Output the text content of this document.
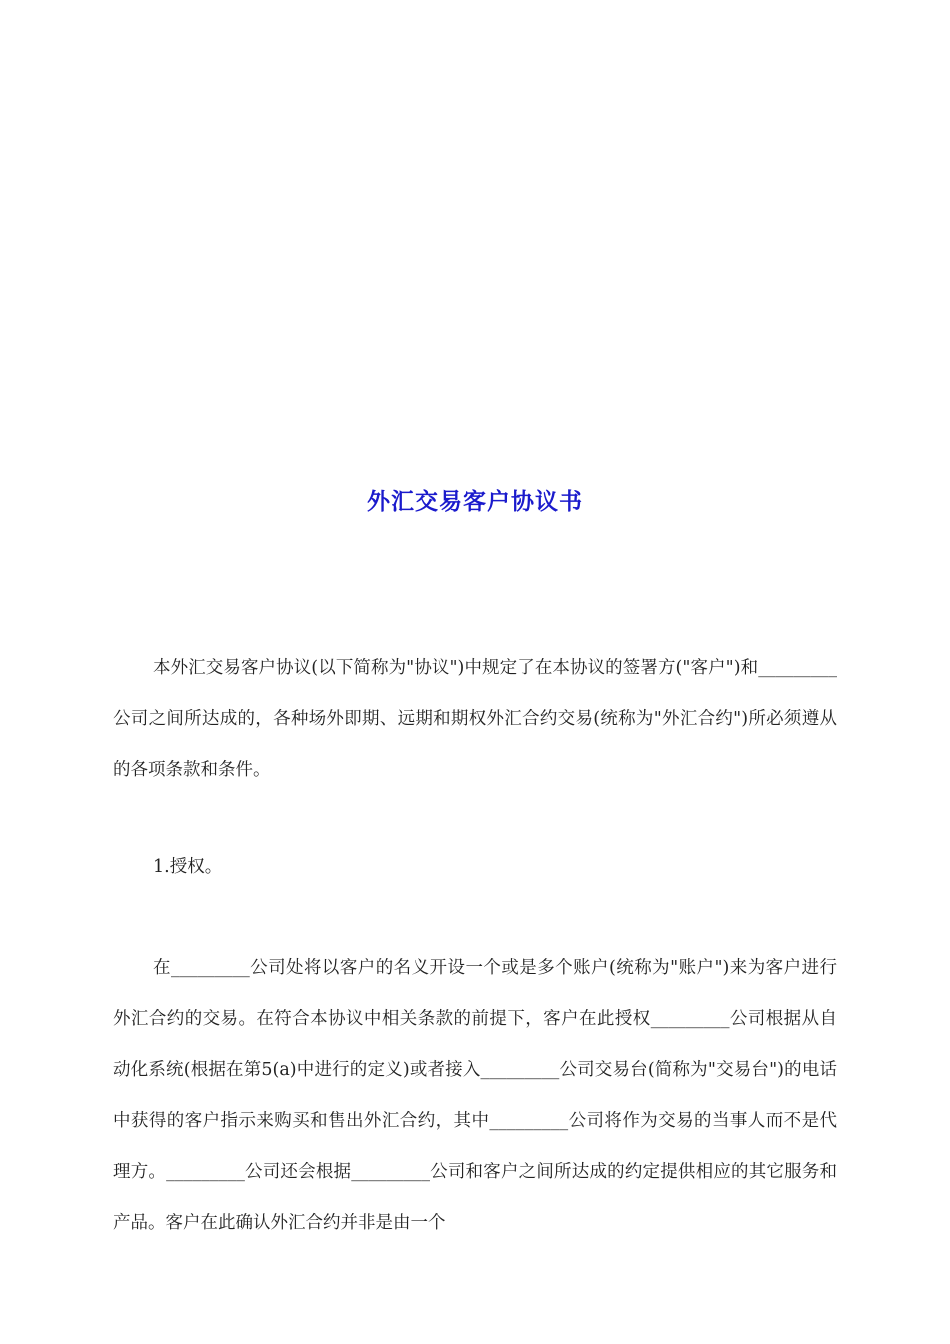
外汇交易客户协议书
本外汇交易客户协议(以下简称为"协议")中规定了在本协议的签署方("客户")和_________公司之间所达成的，各种场外即期、远期和期权外汇合约交易(统称为"外汇合约")所必须遵从的各项条款和条件。
1.授权。
在_________公司处将以客户的名义开设一个或是多个账户(统称为"账户")来为客户进行外汇合约的交易。在符合本协议中相关条款的前提下，客户在此授权_________公司根据从自动化系统(根据在第5(a)中进行的定义)或者接入_________公司交易台(简称为"交易台")的电话中获得的客户指示来购买和售出外汇合约，其中_________公司将作为交易的当事人而不是代理方。_________公司还会根据_________公司和客户之间所达成的约定提供相应的其它服务和产品。客户在此确认外汇合约并非是由一个
